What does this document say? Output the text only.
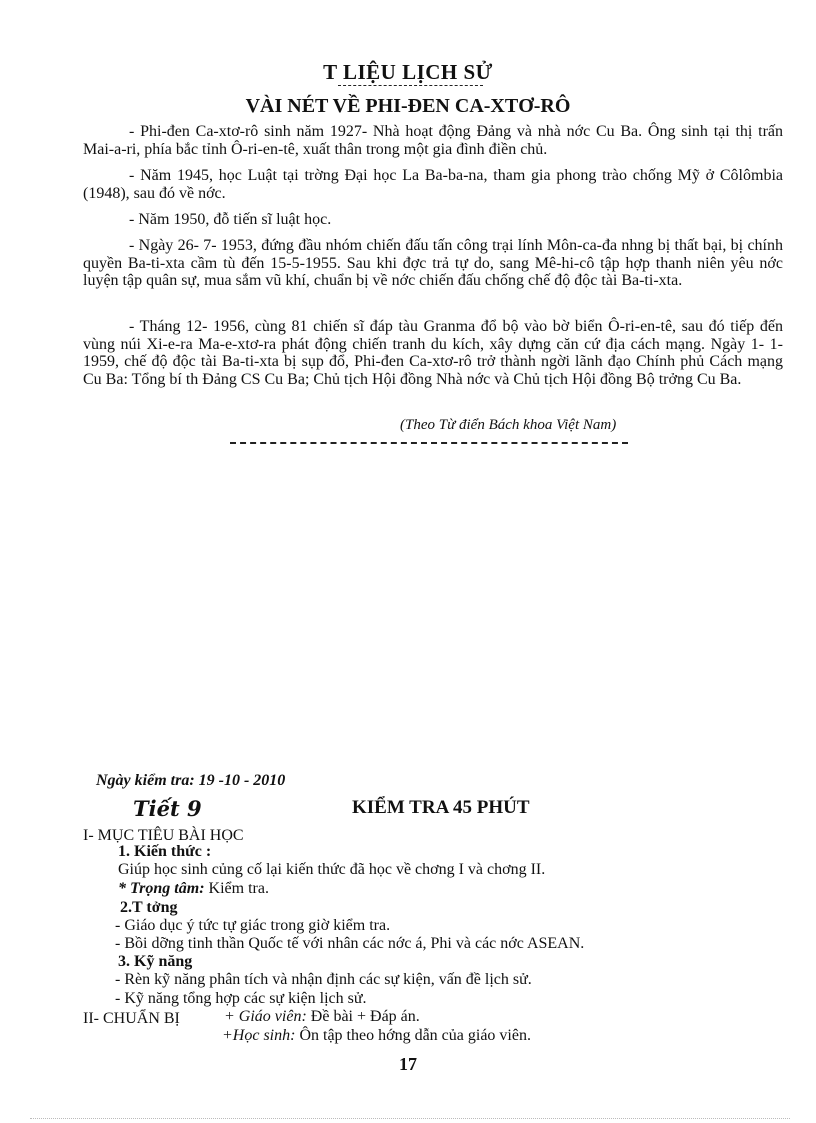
T LIỆU LỊCH SỬ
VÀI NÉT VỀ PHI-ĐEN CA-XTƠ-RÔ
- Phi-đen Ca-xtơ-rô sinh năm 1927- Nhà hoạt động Đảng và nhà nớc Cu Ba. Ông sinh tại thị trấn Mai-a-ri, phía bắc tỉnh Ô-ri-en-tê, xuất thân trong một gia đình điền chủ.
- Năm 1945, học Luật tại trờng Đại học La Ba-ba-na, tham gia phong trào chống Mỹ ở Côlômbia (1948), sau đó về nớc.
- Năm 1950, đỗ tiến sĩ luật học.
- Ngày 26- 7- 1953, đứng đầu nhóm chiến đấu tấn công trại lính Môn-ca-đa nhng bị thất bại, bị chính quyền Ba-ti-xta cầm tù đến 15-5-1955. Sau khi đợc trả tự do, sang Mê-hi-cô tập hợp thanh niên yêu nớc luyện tập quân sự, mua sắm vũ khí, chuẩn bị về nớc chiến đấu chống chế độ độc tài Ba-ti-xta.
- Tháng 12- 1956, cùng 81 chiến sĩ đáp tàu Granma đổ bộ vào bờ biển Ô-ri-en-tê, sau đó tiếp đến vùng núi Xi-e-ra Ma-e-xtơ-ra phát động chiến tranh du kích, xây dựng căn cứ địa cách mạng. Ngày 1- 1- 1959, chế độ độc tài Ba-ti-xta bị sụp đổ, Phi-đen Ca-xtơ-rô trở thành ngời lãnh đạo Chính phủ Cách mạng Cu Ba: Tổng bí th Đảng CS Cu Ba; Chủ tịch Hội đồng Nhà nớc và Chủ tịch Hội đồng Bộ trởng Cu Ba.
(Theo Từ điển Bách khoa Việt Nam)
Ngày kiểm tra: 19 -10 - 2010
Tiết 9	KIỂM TRA 45 PHÚT
I- MỤC TIÊU BÀI HỌC
1. Kiến thức :
Giúp học sinh củng cố lại kiến thức đã học về chơng I và chơng II.
* Trọng tâm: Kiểm tra.
2.T tởng
- Giáo dục ý tức tự giác trong giờ kiểm tra.
- Bồi dỡng tinh thần Quốc tế với nhân các nớc á, Phi và các nớc ASEAN.
3. Kỹ năng
- Rèn kỹ năng phân tích và nhận định các sự kiện, vấn đề lịch sử.
- Kỹ năng tổng hợp các sự kiện lịch sử.
II- CHUẨN BỊ	+ Giáo viên: Đề bài + Đáp án.
+Học sinh: Ôn tập theo hớng dẫn của giáo viên.
17
